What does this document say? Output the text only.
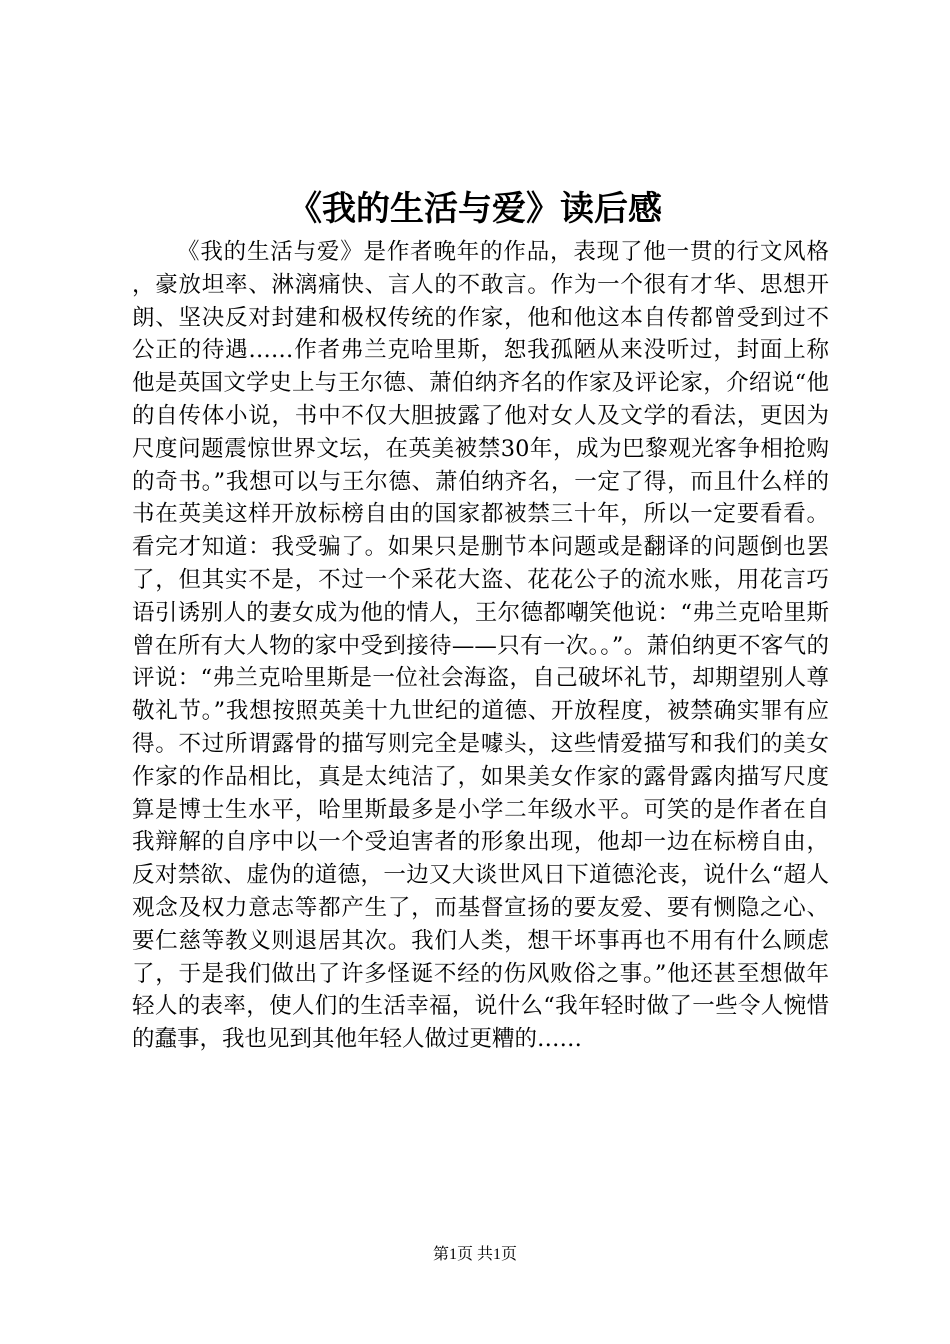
《我的生活与爱》读后感

《我的生活与爱》是作者晚年的作品，表现了他一贯的行文风格，豪放坦率、淋漓痛快、言人的不敢言。作为一个很有才华、思想开朗、坚决反对封建和极权传统的作家，他和他这本自传都曾受到过不公正的待遇……作者弗兰克哈里斯，恕我孤陋从来没听过，封面上称他是英国文学史上与王尔德、萧伯纳齐名的作家及评论家，介绍说“他的自传体小说，书中不仅大胆披露了他对女人及文学的看法，更因为尺度问题震惊世界文坛，在英美被禁30年，成为巴黎观光客争相抢购的奇书。”我想可以与王尔德、萧伯纳齐名，一定了得，而且什么样的书在英美这样开放标榜自由的国家都被禁三十年，所以一定要看看。看完才知道：我受骗了。如果只是删节本问题或是翻译的问题倒也罢了，但其实不是，不过一个采花大盗、花花公子的流水账，用花言巧语引诱别人的妻女成为他的情人，王尔德都嘲笑他说：“弗兰克哈里斯曾在所有大人物的家中受到接待——只有一次。。”。萧伯纳更不客气的评说：“弗兰克哈里斯是一位社会海盗，自己破坏礼节，却期望别人尊敬礼节。”我想按照英美十九世纪的道德、开放程度，被禁确实罪有应得。不过所谓露骨的描写则完全是噱头，这些情爱描写和我们的美女作家的作品相比，真是太纯洁了，如果美女作家的露骨露肉描写尺度算是博士生水平，哈里斯最多是小学二年级水平。可笑的是作者在自我辩解的自序中以一个受迫害者的形象出现，他却一边在标榜自由，反对禁欲、虚伪的道德，一边又大谈世风日下道德沦丧，说什么“超人观念及权力意志等都产生了，而基督宣扬的要友爱、要有恻隐之心、要仁慈等教义则退居其次。我们人类，想干坏事再也不用有什么顾虑了，于是我们做出了许多怪诞不经的伤风败俗之事。”他还甚至想做年轻人的表率，使人们的生活幸福，说什么“我年轻时做了一些令人惋惜的蠢事，我也见到其他年轻人做过更糟的……

第1页 共1页
